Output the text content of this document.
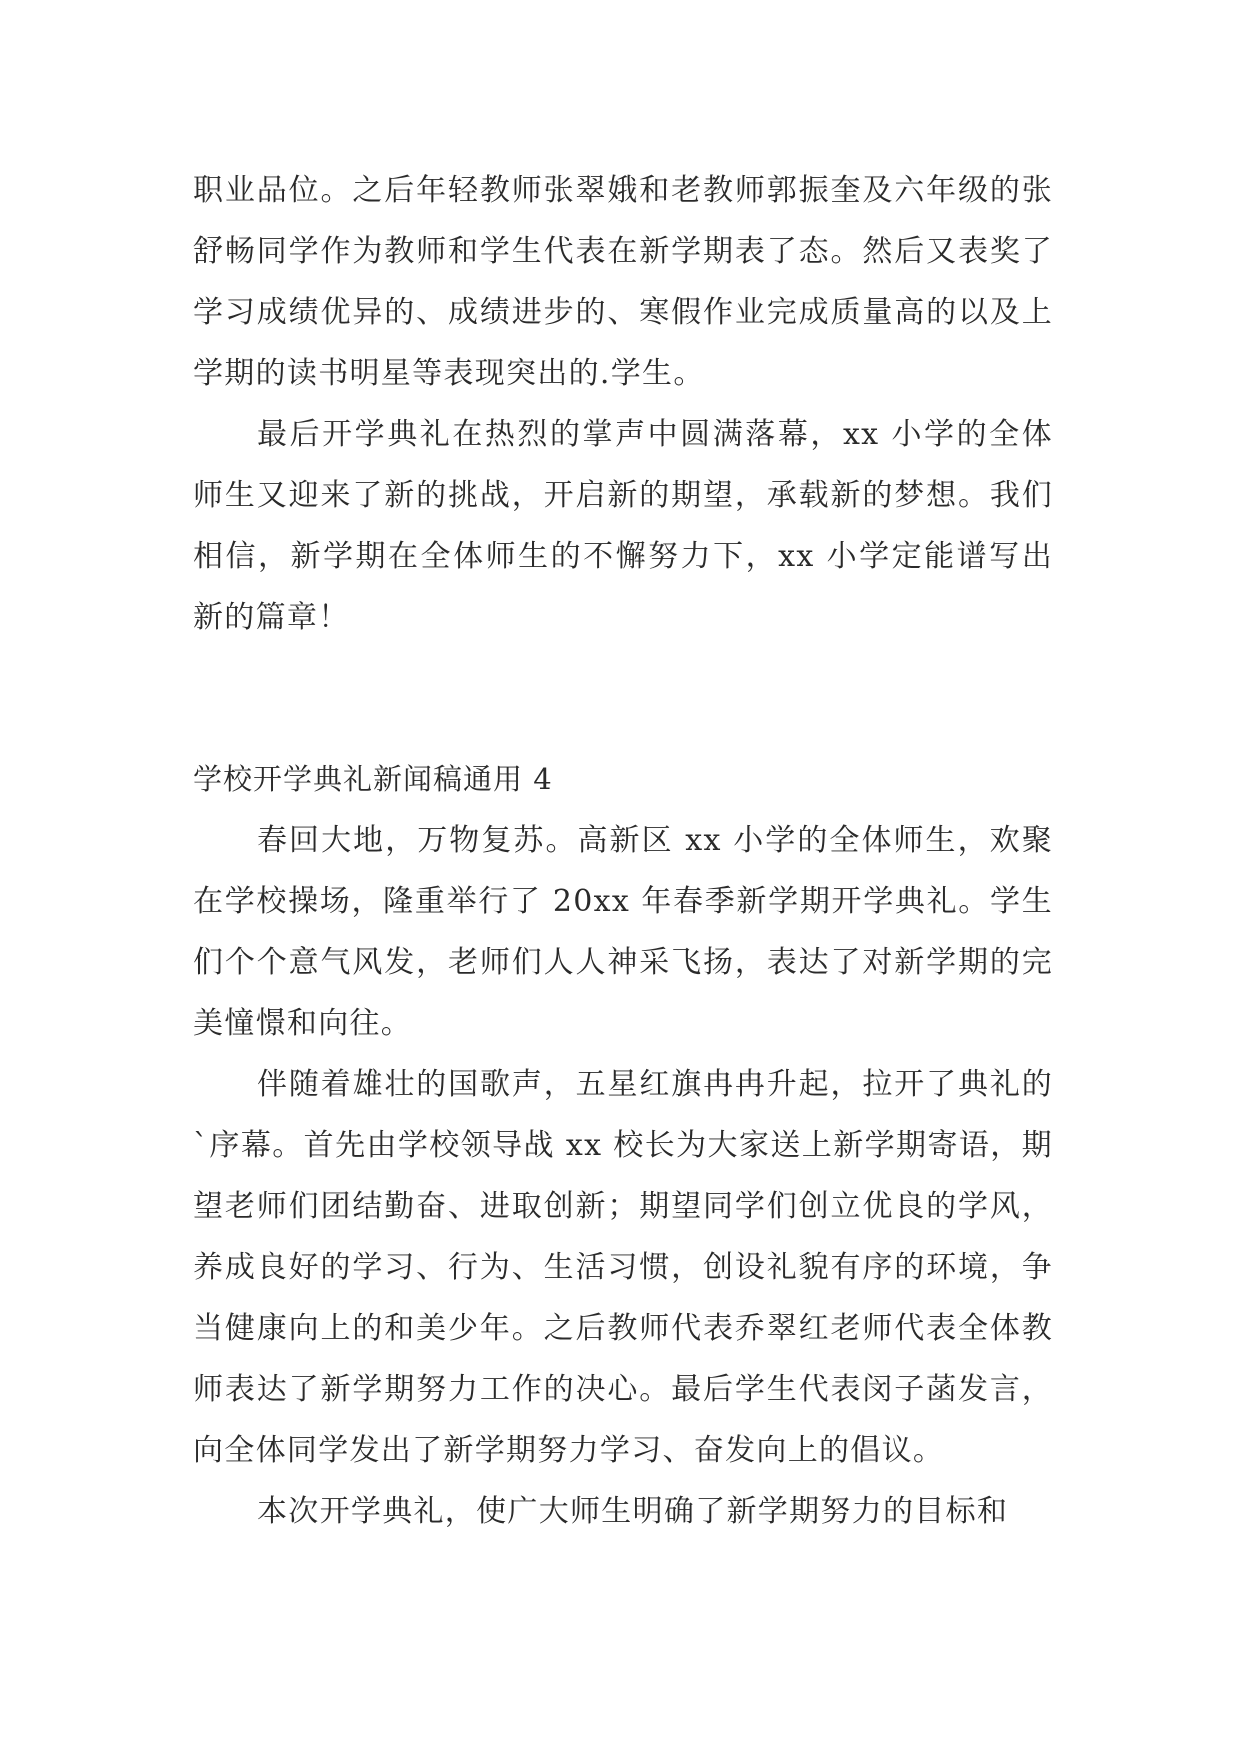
职业品位。之后年轻教师张翠娥和老教师郭振奎及六年级的张舒畅同学作为教师和学生代表在新学期表了态。然后又表奖了学习成绩优异的、成绩进步的、寒假作业完成质量高的以及上学期的读书明星等表现突出的.学生。

最后开学典礼在热烈的掌声中圆满落幕，xx 小学的全体师生又迎来了新的挑战，开启新的期望，承载新的梦想。我们相信，新学期在全体师生的不懈努力下，xx 小学定能谱写出新的篇章！

学校开学典礼新闻稿通用 4

春回大地，万物复苏。高新区 xx 小学的全体师生，欢聚在学校操场，隆重举行了 20xx 年春季新学期开学典礼。学生们个个意气风发，老师们人人神采飞扬，表达了对新学期的完美憧憬和向往。

伴随着雄壮的国歌声，五星红旗冉冉升起，拉开了典礼的`序幕。首先由学校领导战 xx 校长为大家送上新学期寄语，期望老师们团结勤奋、进取创新；期望同学们创立优良的学风，养成良好的学习、行为、生活习惯，创设礼貌有序的环境，争当健康向上的和美少年。之后教师代表乔翠红老师代表全体教师表达了新学期努力工作的决心。最后学生代表闵子菡发言，向全体同学发出了新学期努力学习、奋发向上的倡议。

本次开学典礼，使广大师生明确了新学期努力的目标和
